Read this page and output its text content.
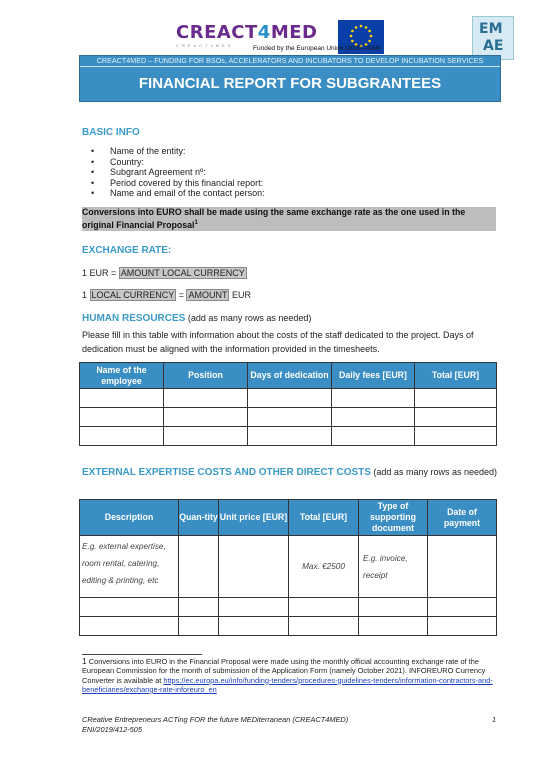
CREACT4MED
CREACT4MED	Funded by the European Union (2020-2024)
EM
AE
CREACT4MED – FUNDING FOR BSOs, ACCELERATORS AND INCUBATORS TO DEVELOP INCUBATION SERVICES
FINANCIAL REPORT FOR SUBGRANTEES
BASIC INFO
• Name of the entity:
• Country:
• Subgrant Agreement nº:
• Period covered by this financial report:
• Name and email of the contact person:
Conversions into EURO shall be made using the same exchange rate as the one used in the original Financial Proposal$^1$
EXCHANGE RATE:
1 EUR = AMOUNT LOCAL CURRENCY
1 LOCAL CURRENCY = AMOUNT EUR
HUMAN RESOURCES (add as many rows as needed)
Please fill in this table with information about the costs of the staff dedicated to the project. Days of dedication must be aligned with the information provided in the timesheets.
Name of the employee	Position	Days of dedication	Daily fees [EUR]	Total [EUR]

EXTERNAL EXPERTISE COSTS AND OTHER DIRECT COSTS (add as many rows as needed)
Description	Quan-tity	Unit price [EUR]	Total [EUR]	Type of supporting document	Date of payment
E.g. external expertise, room rental, catering, editing & printing, etc			Max. €2500	E.g. invoice, receipt	

1 Conversions into EURO in the Financial Proposal were made using the monthly official accounting exchange rate of the European Commission for the month of submission of the Application Form (namely October 2021). INFOREURO Currency Converter is available at https://ec.europa.eu/info/funding-tenders/procedures-guidelines-tenders/information-contractors-and-beneficiaries/exchange-rate-inforeuro_en
CReative Entrepreneurs ACTing FOR the future MEDiterranean (CREACT4MED)
ENI/2019/412-505
1
